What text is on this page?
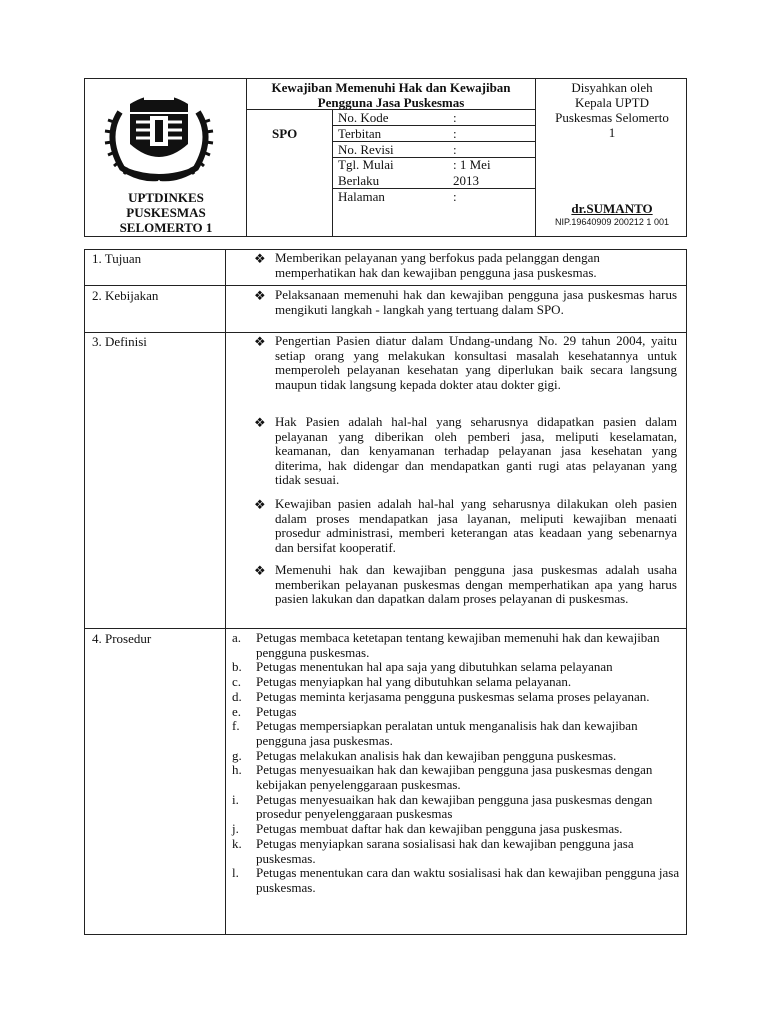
UPTDINKES
PUSKESMAS
SELOMERTO 1
Kewajiban Memenuhi Hak dan Kewajiban
Pengguna Jasa Puskesmas
SPO
No. Kode	:
Terbitan	:
No. Revisi	:
Tgl. Mulai	: 1 Mei
Berlaku	2013
Halaman	:
Disyahkan oleh
Kepala UPTD
Puskesmas Selomerto
1
dr.SUMANTO
NIP.19640909 200212 1 001
1. Tujuan	❖ Memberikan pelayanan yang berfokus pada pelanggan dengan
memperhatikan hak dan kewajiban pengguna jasa puskesmas.
2. Kebijakan	❖ Pelaksanaan memenuhi hak dan kewajiban pengguna jasa puskesmas harus mengikuti langkah - langkah yang tertuang dalam SPO.
3. Definisi	❖ Pengertian Pasien diatur dalam Undang-undang No. 29 tahun 2004, yaitu setiap orang yang melakukan konsultasi masalah kesehatannya untuk memperoleh pelayanan kesehatan yang diperlukan baik secara langsung maupun tidak langsung kepada dokter atau dokter gigi.
❖ Hak Pasien adalah hal-hal yang seharusnya didapatkan pasien dalam pelayanan yang diberikan oleh pemberi jasa, meliputi keselamatan, keamanan, dan kenyamanan terhadap pelayanan jasa kesehatan yang diterima, hak didengar dan mendapatkan ganti rugi atas pelayanan yang tidak sesuai.
❖ Kewajiban pasien adalah hal-hal yang seharusnya dilakukan oleh pasien dalam proses mendapatkan jasa layanan, meliputi kewajiban menaati prosedur administrasi, memberi keterangan atas keadaan yang sebenarnya dan bersifat kooperatif.
❖ Memenuhi hak dan kewajiban pengguna jasa puskesmas adalah usaha memberikan pelayanan puskesmas dengan memperhatikan apa yang harus pasien lakukan dan dapatkan dalam proses pelayanan di puskesmas.
4. Prosedur	a.	Petugas membaca ketetapan tentang kewajiban memenuhi hak dan kewajiban pengguna puskesmas.
b.	Petugas menentukan hal apa saja yang dibutuhkan selama pelayanan
c.	Petugas menyiapkan hal yang dibutuhkan selama pelayanan.
d.	Petugas meminta kerjasama pengguna puskesmas selama proses pelayanan.
e.	Petugas
f.	Petugas mempersiapkan peralatan untuk menganalisis hak dan kewajiban pengguna jasa puskesmas.
g.	Petugas melakukan analisis hak dan kewajiban pengguna puskesmas.
h.	Petugas menyesuaikan hak dan kewajiban pengguna jasa puskesmas dengan kebijakan penyelenggaraan puskesmas.
i.	Petugas menyesuaikan hak dan kewajiban pengguna jasa puskesmas dengan prosedur penyelenggaraan puskesmas
j.	Petugas membuat daftar hak dan kewajiban pengguna jasa puskesmas.
k.	Petugas menyiapkan sarana sosialisasi hak dan kewajiban pengguna jasa puskesmas.
l.	Petugas menentukan cara dan waktu sosialisasi hak dan kewajiban pengguna jasa puskesmas.
